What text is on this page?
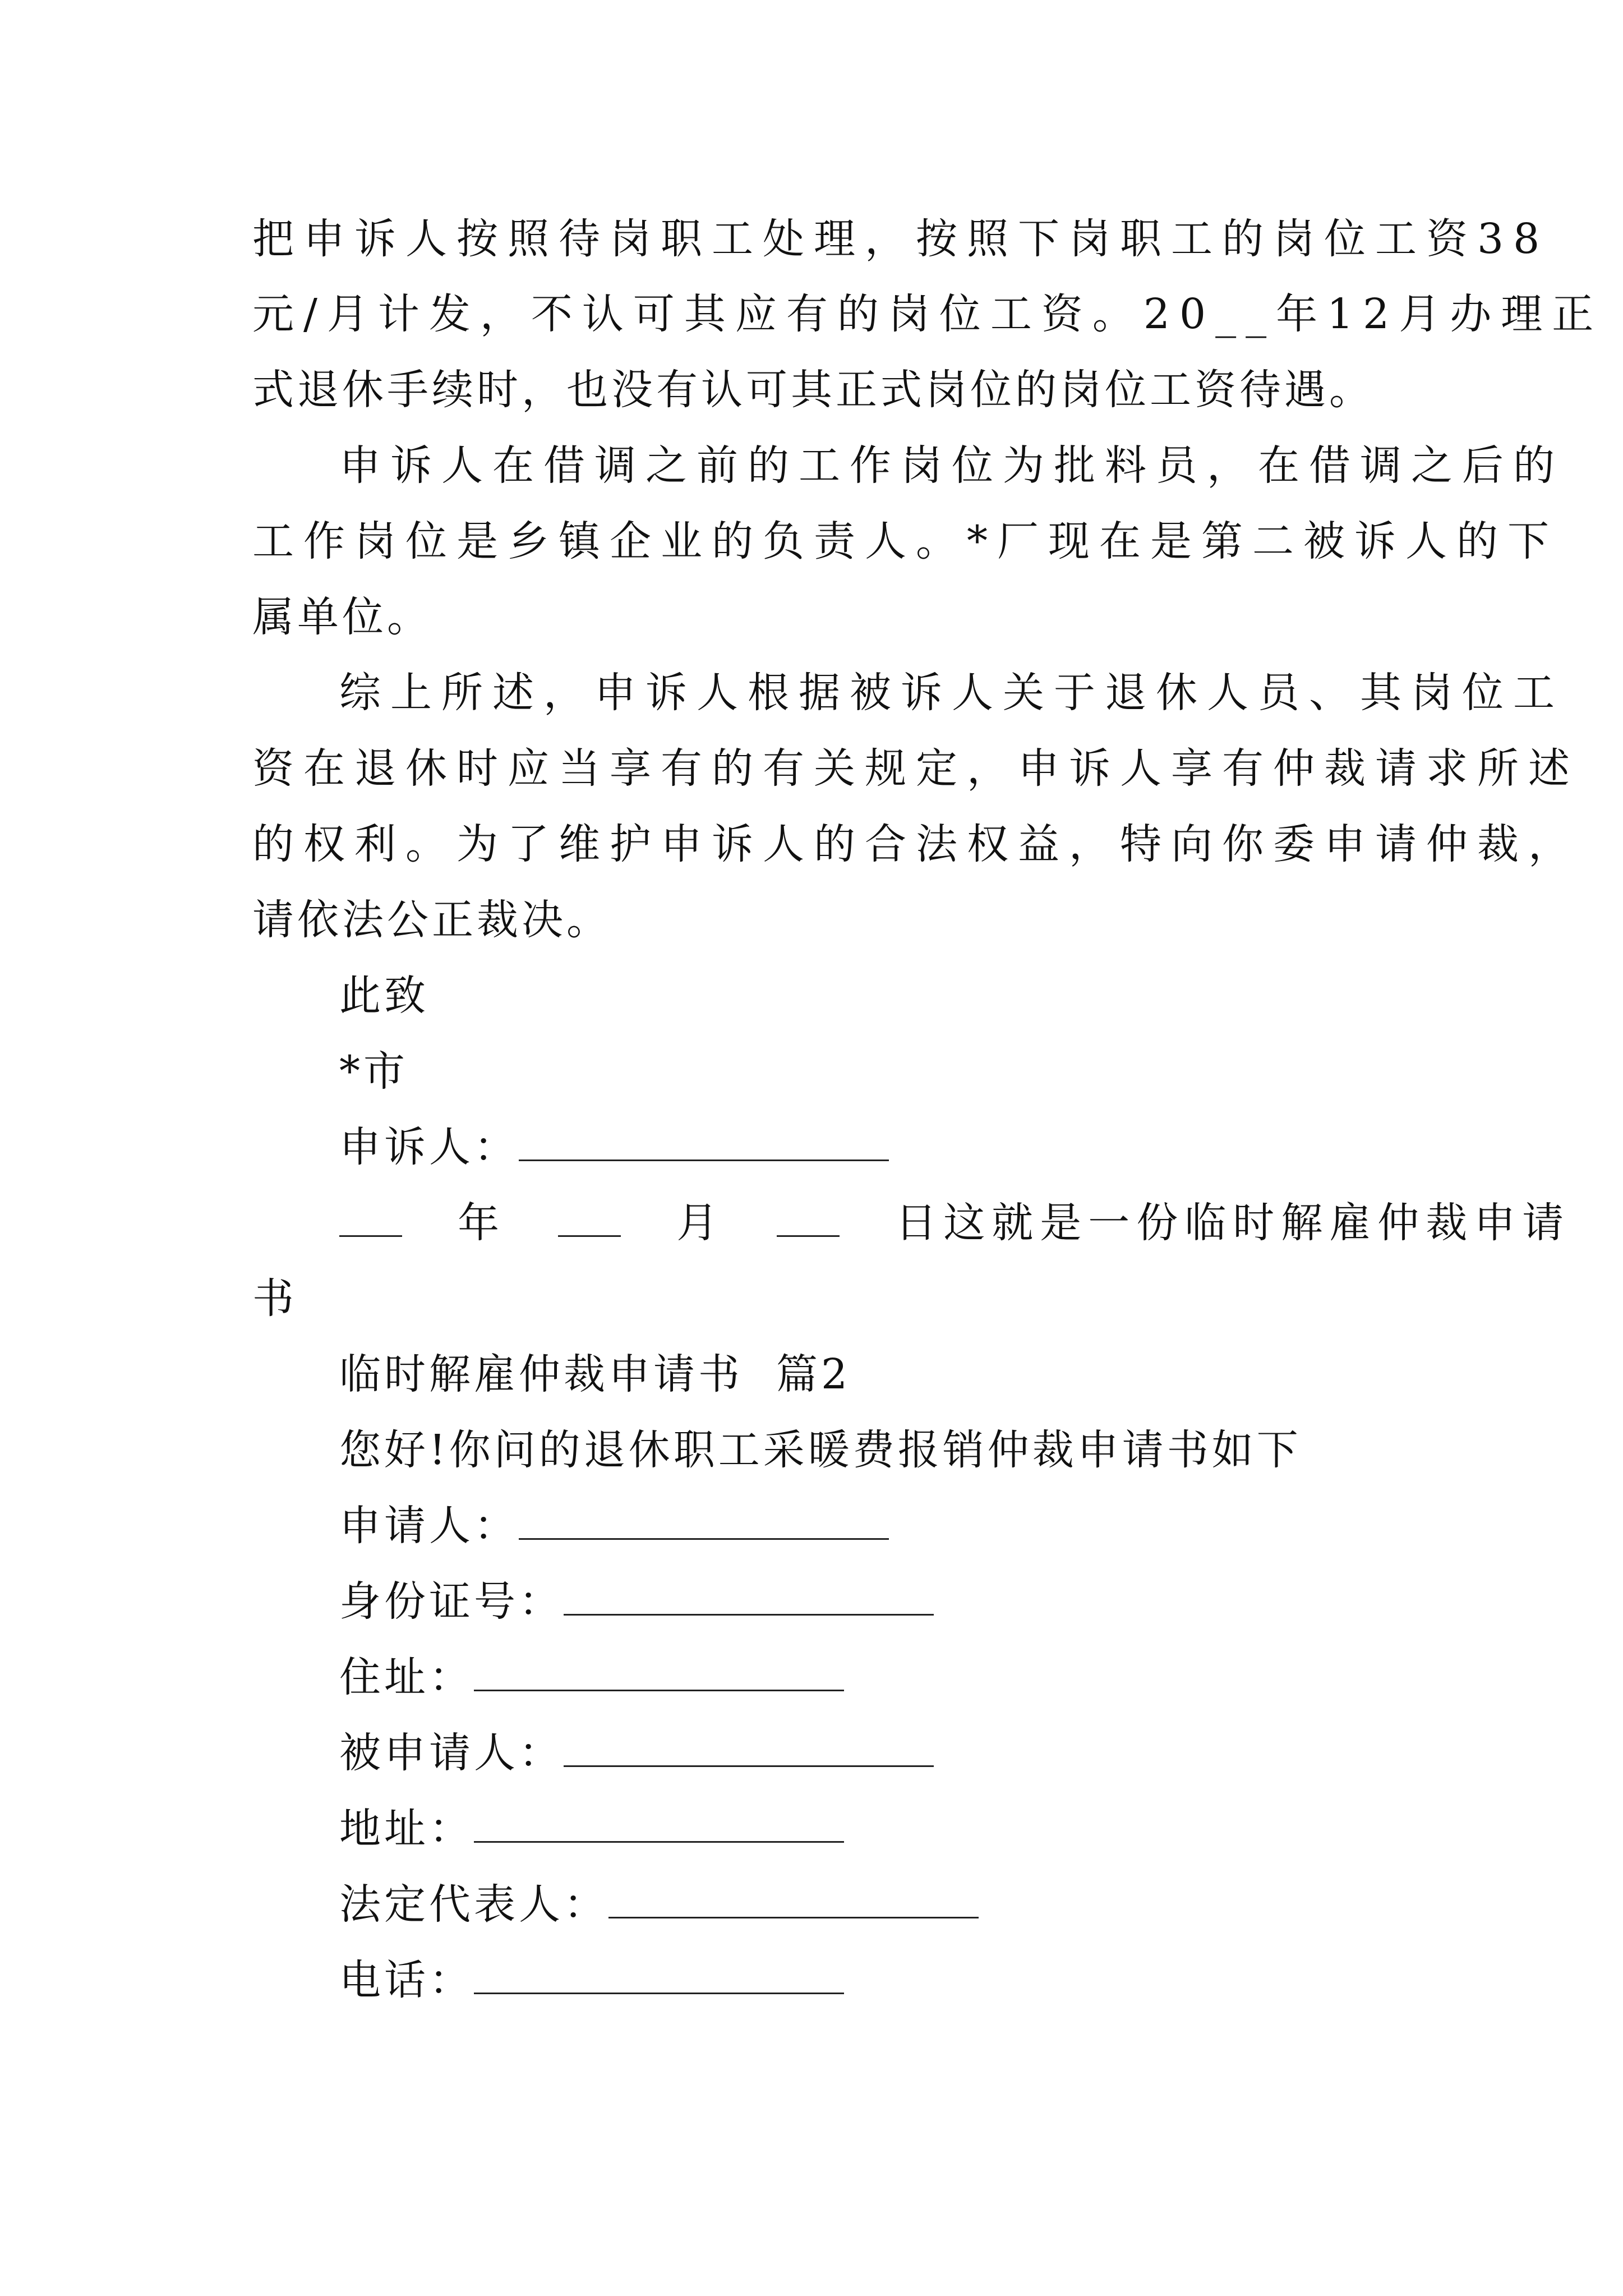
把申诉人按照待岗职工处理，按照下岗职工的岗位工资38
元/月计发，不认可其应有的岗位工资。20__年12月办理正
式退休手续时，也没有认可其正式岗位的岗位工资待遇。
申诉人在借调之前的工作岗位为批料员，在借调之后的
工作岗位是乡镇企业的负责人。*厂现在是第二被诉人的下
属单位。
综上所述，申诉人根据被诉人关于退休人员、其岗位工
资在退休时应当享有的有关规定，申诉人享有仲裁请求所述
的权利。为了维护申诉人的合法权益，特向你委申请仲裁，
请依法公正裁决。
此致
*市
申诉人：
年	月	日这就是一份临时解雇仲裁申请
书
临时解雇仲裁申请书  篇2
您好!你问的退休职工采暖费报销仲裁申请书如下
申请人：
身份证号：
住址：
被申请人：
地址：
法定代表人：
电话：
